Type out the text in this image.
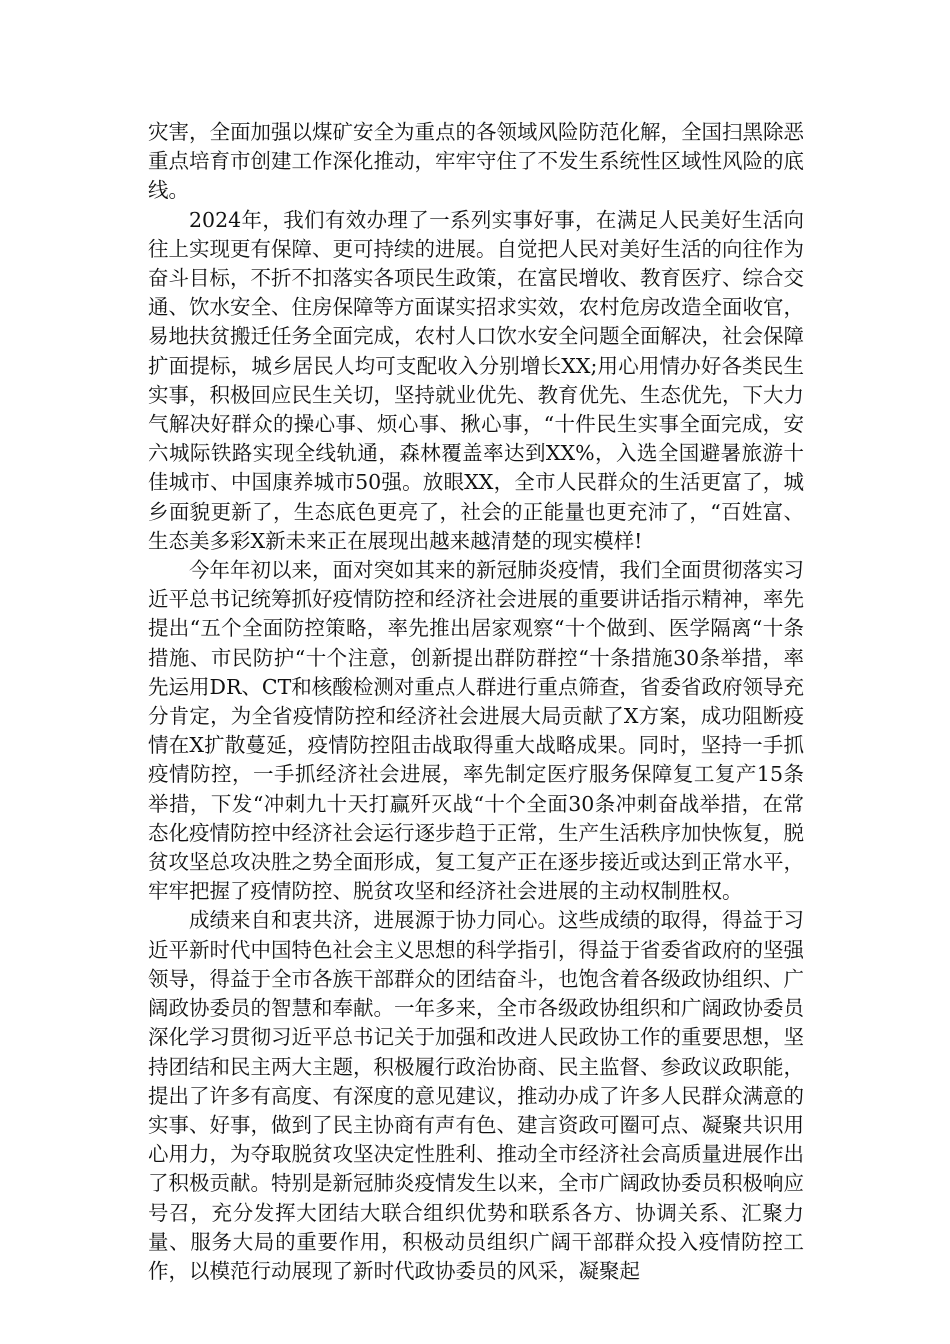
灾害，全面加强以煤矿安全为重点的各领域风险防范化解，全国扫黑除恶重点培育市创建工作深化推动，牢牢守住了不发生系统性区域性风险的底线。

2024年，我们有效办理了一系列实事好事，在满足人民美好生活向往上实现更有保障、更可持续的进展。自觉把人民对美好生活的向往作为奋斗目标，不折不扣落实各项民生政策，在富民增收、教育医疗、综合交通、饮水安全、住房保障等方面谋实招求实效，农村危房改造全面收官，易地扶贫搬迁任务全面完成，农村人口饮水安全问题全面解决，社会保障扩面提标，城乡居民人均可支配收入分别增长XX;用心用情办好各类民生实事，积极回应民生关切，坚持就业优先、教育优先、生态优先，下大力气解决好群众的操心事、烦心事、揪心事，“十件民生实事全面完成，安六城际铁路实现全线轨通，森林覆盖率达到XX%，入选全国避暑旅游十佳城市、中国康养城市50强。放眼XX，全市人民群众的生活更富了，城乡面貌更新了，生态底色更亮了，社会的正能量也更充沛了，“百姓富、生态美多彩X新未来正在展现出越来越清楚的现实模样!

今年年初以来，面对突如其来的新冠肺炎疫情，我们全面贯彻落实习近平总书记统筹抓好疫情防控和经济社会进展的重要讲话指示精神，率先提出“五个全面防控策略，率先推出居家观察“十个做到、医学隔离“十条措施、市民防护“十个注意，创新提出群防群控“十条措施30条举措，率先运用DR、CT和核酸检测对重点人群进行重点筛查，省委省政府领导充分肯定，为全省疫情防控和经济社会进展大局贡献了X方案，成功阻断疫情在X扩散蔓延，疫情防控阻击战取得重大战略成果。同时，坚持一手抓疫情防控，一手抓经济社会进展，率先制定医疗服务保障复工复产15条举措，下发“冲刺九十天打赢歼灭战“十个全面30条冲刺奋战举措，在常态化疫情防控中经济社会运行逐步趋于正常，生产生活秩序加快恢复，脱贫攻坚总攻决胜之势全面形成，复工复产正在逐步接近或达到正常水平，牢牢把握了疫情防控、脱贫攻坚和经济社会进展的主动权制胜权。

成绩来自和衷共济，进展源于协力同心。这些成绩的取得，得益于习近平新时代中国特色社会主义思想的科学指引，得益于省委省政府的坚强领导，得益于全市各族干部群众的团结奋斗，也饱含着各级政协组织、广阔政协委员的智慧和奉献。一年多来，全市各级政协组织和广阔政协委员深化学习贯彻习近平总书记关于加强和改进人民政协工作的重要思想，坚持团结和民主两大主题，积极履行政治协商、民主监督、参政议政职能，提出了许多有高度、有深度的意见建议，推动办成了许多人民群众满意的实事、好事，做到了民主协商有声有色、建言资政可圈可点、凝聚共识用心用力，为夺取脱贫攻坚决定性胜利、推动全市经济社会高质量进展作出了积极贡献。特别是新冠肺炎疫情发生以来，全市广阔政协委员积极响应号召，充分发挥大团结大联合组织优势和联系各方、协调关系、汇聚力量、服务大局的重要作用，积极动员组织广阔干部群众投入疫情防控工作，以模范行动展现了新时代政协委员的风采，凝聚起
